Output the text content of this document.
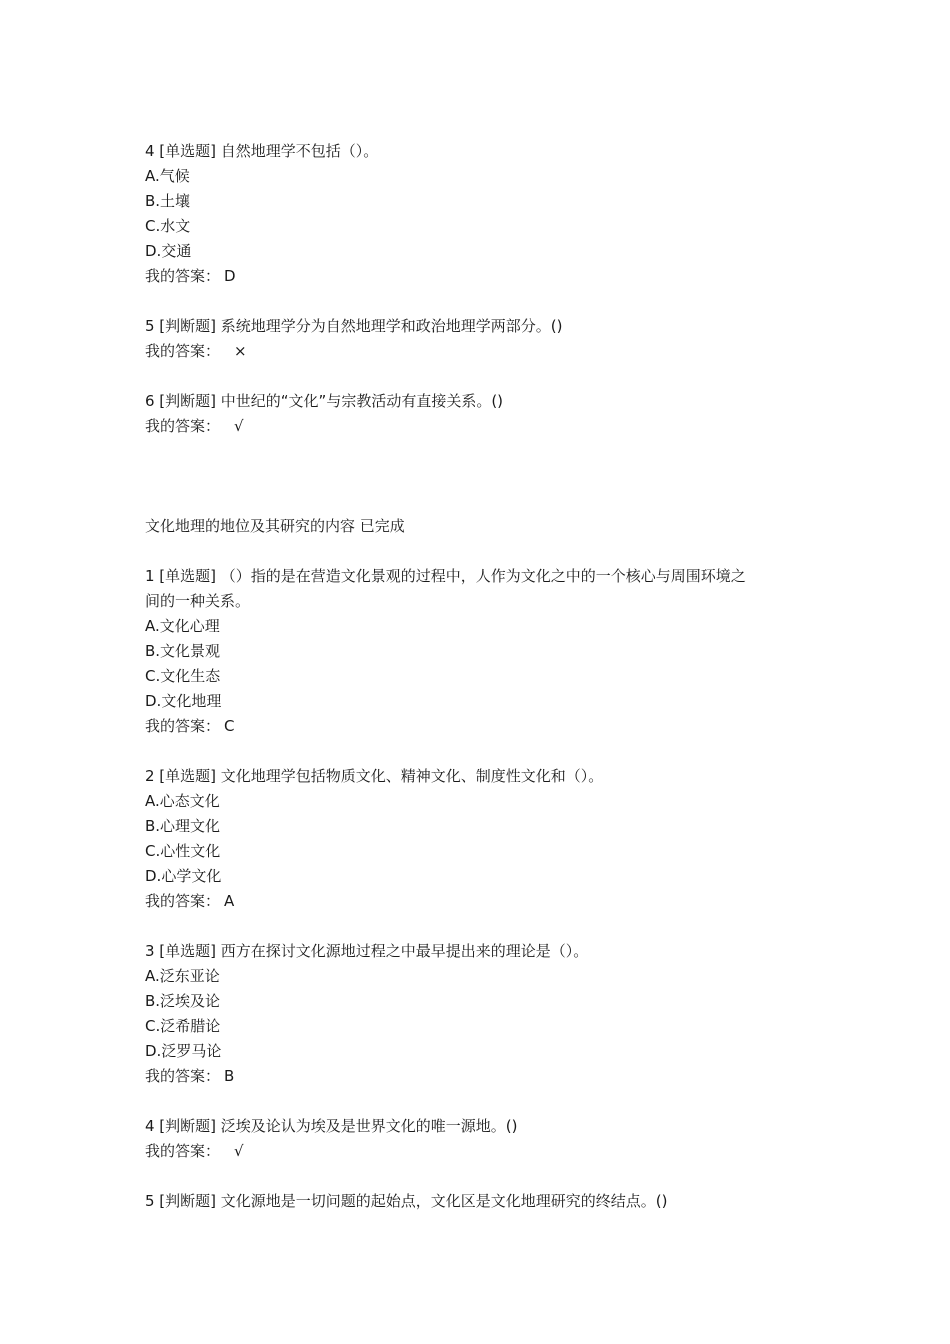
4 [单选题] 自然地理学不包括（）。
A.气候
B.土壤
C.水文
D.交通
我的答案： D
5 [判断题] 系统地理学分为自然地理学和政治地理学两部分。()
我的答案： ×
6 [判断题] 中世纪的“文化”与宗教活动有直接关系。()
我的答案： √
文化地理的地位及其研究的内容 已完成
1 [单选题] （）指的是在营造文化景观的过程中，人作为文化之中的一个核心与周围环境之
间的一种关系。
A.文化心理
B.文化景观
C.文化生态
D.文化地理
我的答案： C
2 [单选题] 文化地理学包括物质文化、精神文化、制度性文化和（）。
A.心态文化
B.心理文化
C.心性文化
D.心学文化
我的答案： A
3 [单选题] 西方在探讨文化源地过程之中最早提出来的理论是（）。
A.泛东亚论
B.泛埃及论
C.泛希腊论
D.泛罗马论
我的答案： B
4 [判断题] 泛埃及论认为埃及是世界文化的唯一源地。()
我的答案： √
5 [判断题] 文化源地是一切问题的起始点，文化区是文化地理研究的终结点。()
